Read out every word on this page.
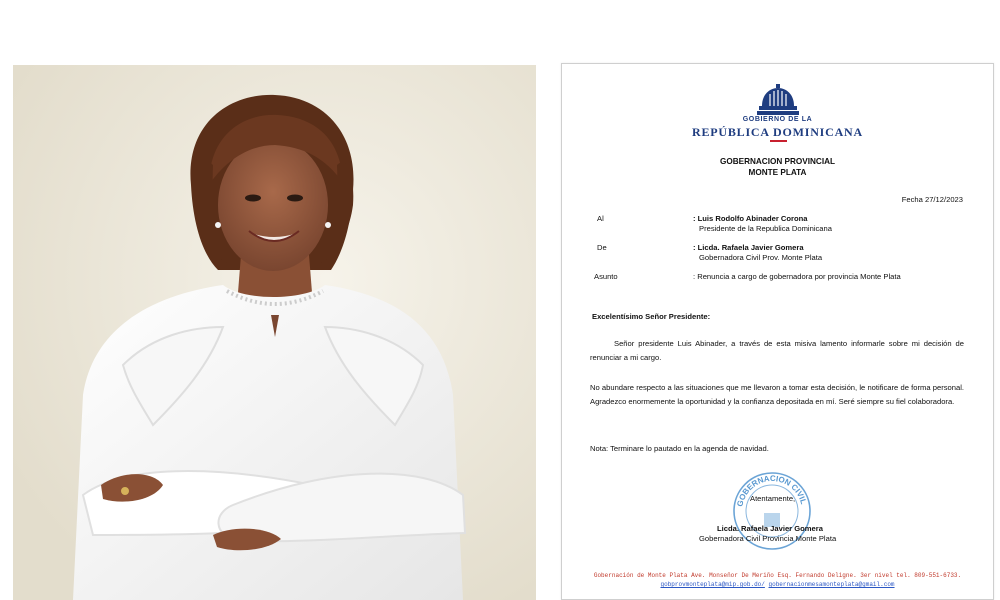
GOBIERNO DE LA
REPÚBLICA DOMINICANA
GOBERNACION PROVINCIAL
MONTE PLATA
Fecha 27/12/2023
Al	: Luis Rodolfo Abinader Corona
Presidente de la Republica Dominicana
De	: Licda. Rafaela Javier Gomera
Gobernadora Civil Prov. Monte Plata
Asunto	: Renuncia a cargo de gobernadora por provincia Monte Plata
Excelentísimo Señor Presidente:
Señor presidente Luis Abinader, a través de esta misiva lamento informarle sobre mi decisión de renunciar a mi cargo.
No abundare respecto a las situaciones que me llevaron a tomar esta decisión, le notificare de forma personal. Agradezco enormemente la oportunidad y la confianza depositada en mí. Seré siempre su fiel colaboradora.
Nota: Terminare lo pautado en la agenda de navidad.
GOBERNACION CIVIL
Atentamente,
Licda. Rafaela Javier Gomera
Gobernadora Civil Provincia Monte Plata
Gobernación de Monte Plata Ave. Monseñor De Meriño Esq. Fernando Deligne. 3er nivel tel. 809-551-6733.
gobprovmonteplata@mip.gob.do/ gobernacionmesamonteplata@gmail.com
